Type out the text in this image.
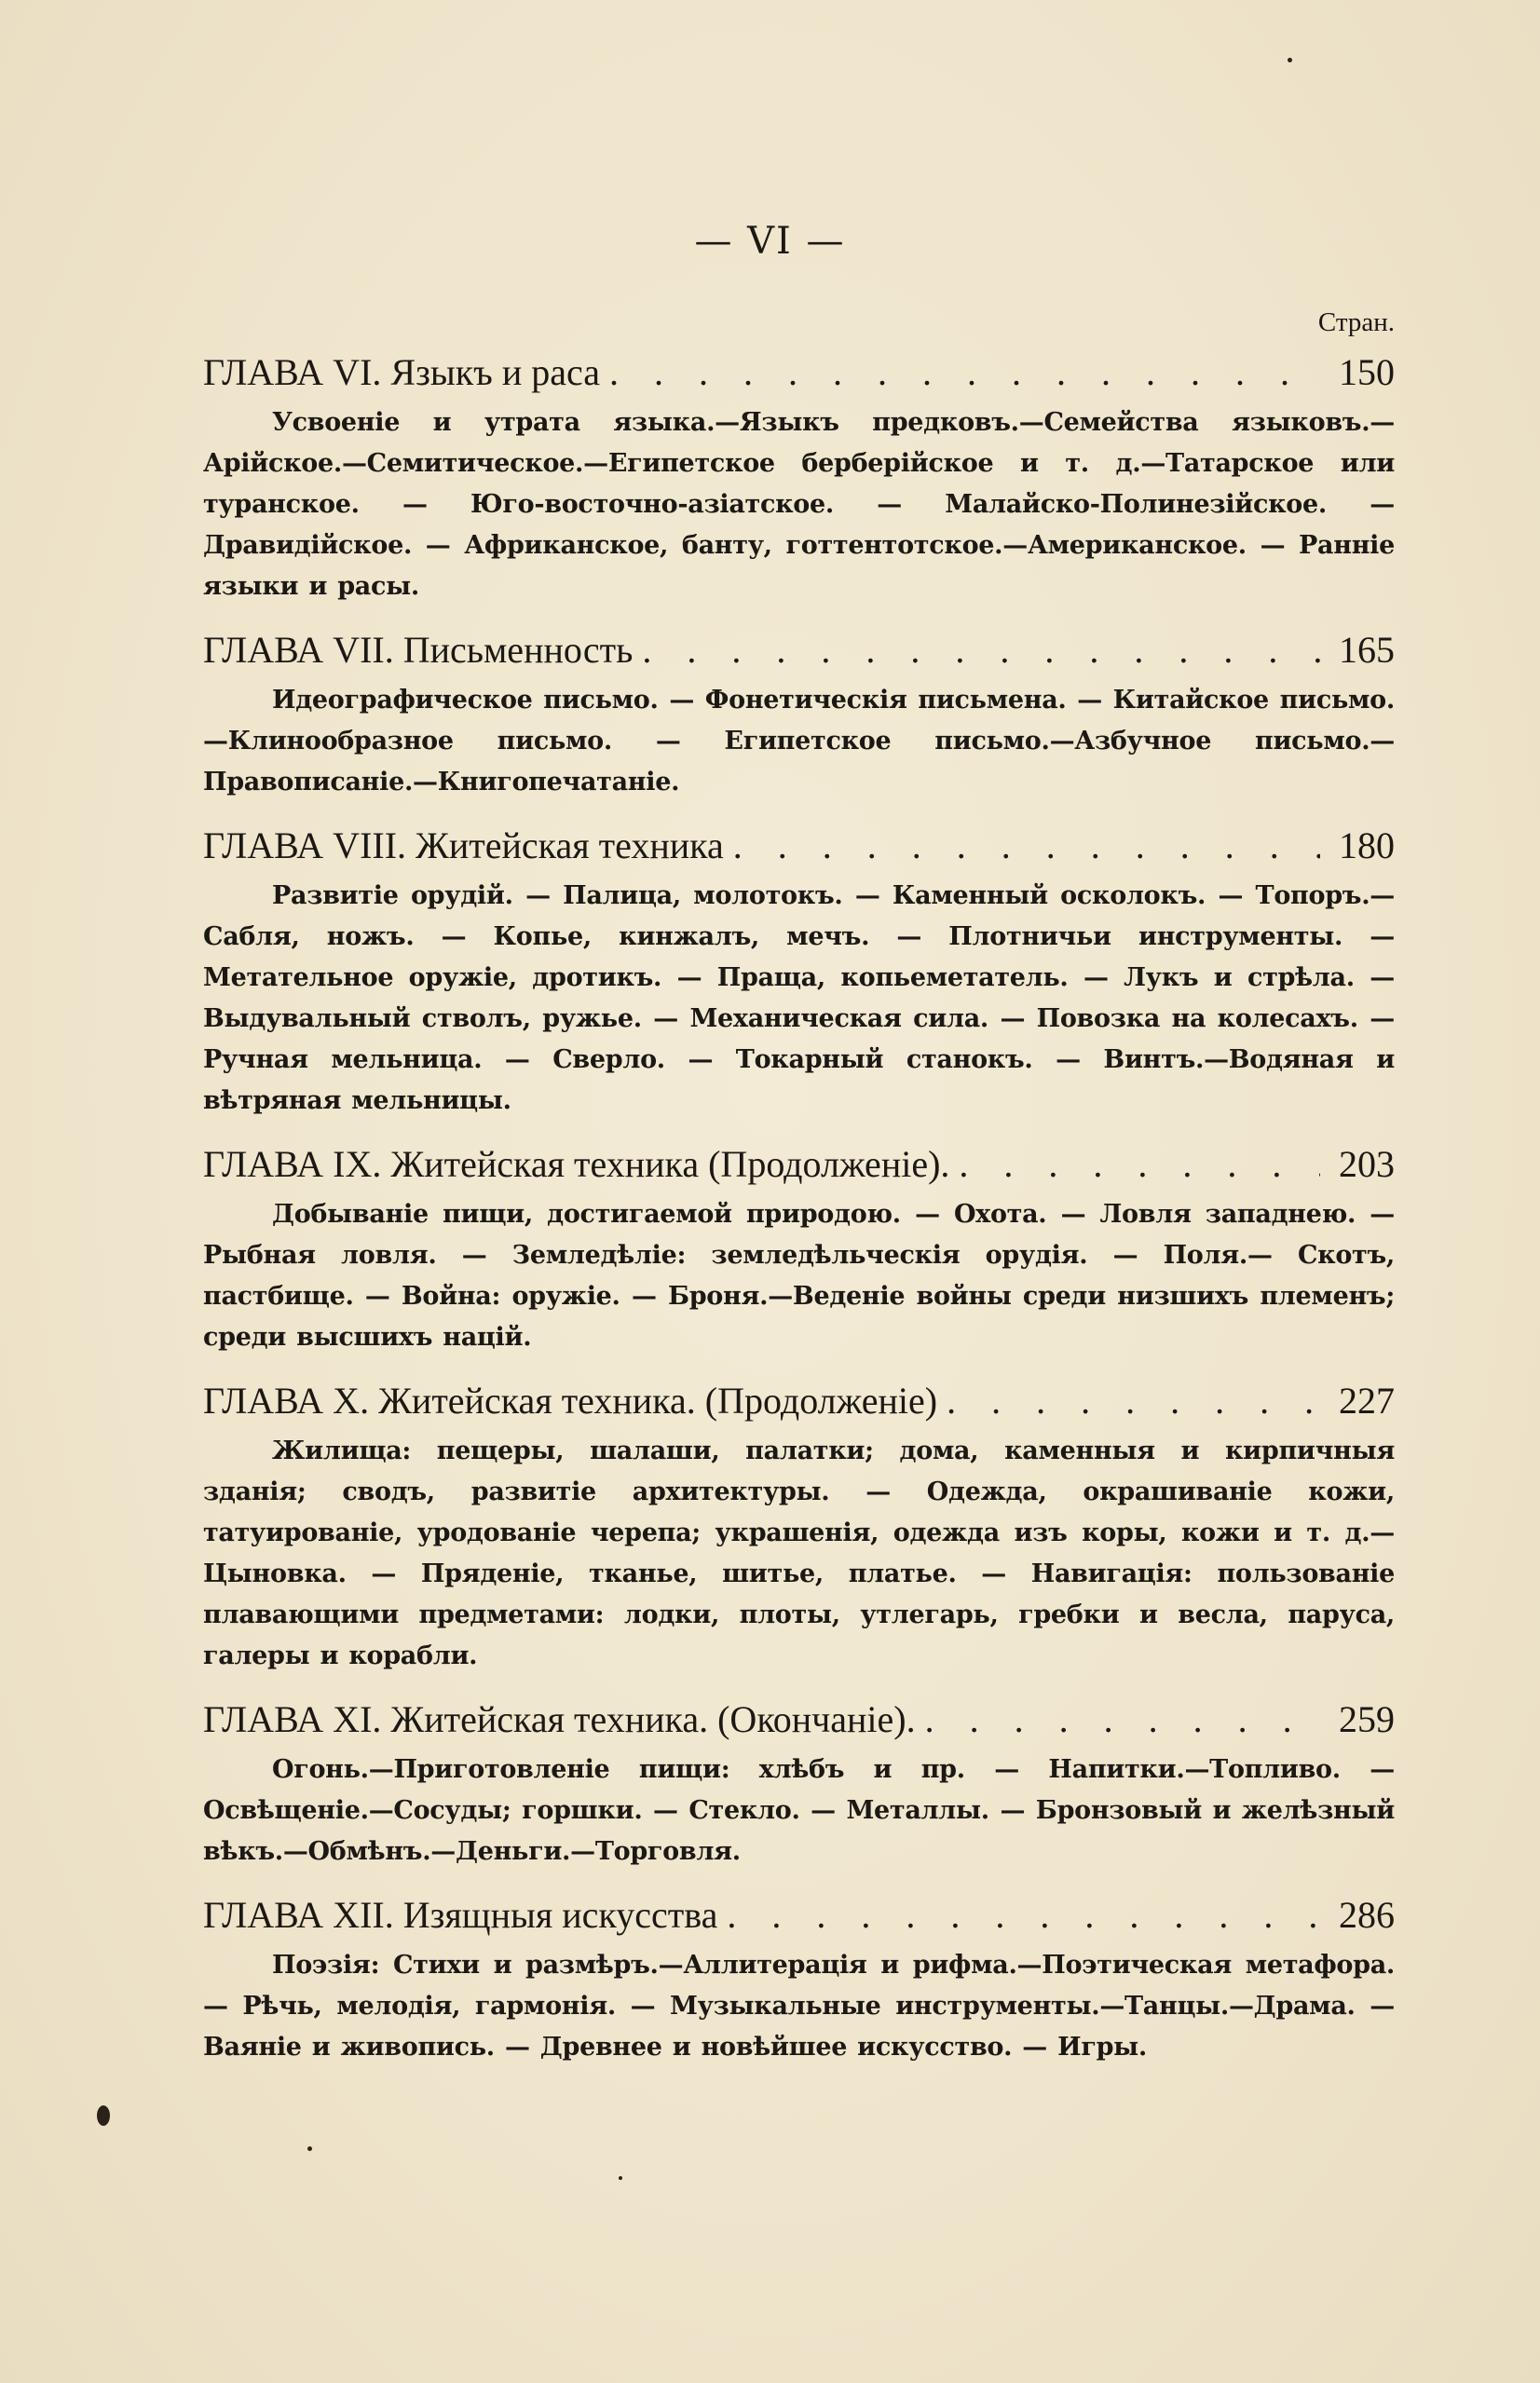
— VI —
Стран.
ГЛАВА VI. Языкъ и раса . . .	150
Усвоеніе и утрата языка.—Языкъ предковъ.—Семейства языковъ.—Арійское.—Семитическое.—Египетское берберійское и т. д.—Татарское или туранское. — Юго-восточно-азіатское. — Малайско-Полинезійское. — Дравидійское. — Африканское, банту, готтентотское.—Американское. — Ранніе языки и расы.
ГЛАВА VII. Письменность . . .	165
Идеографическое письмо. — Фонетическія письмена. — Китайское письмо.—Клинообразное письмо. — Египетское письмо.—Азбучное письмо.—Правописаніе.—Книгопечатаніе.
ГЛАВА VIII. Житейская техника . . .	180
Развитіе орудій. — Палица, молотокъ. — Каменный осколокъ. — Топоръ.—Сабля, ножъ. — Копье, кинжалъ, мечъ. — Плотничьи инструменты. — Метательное оружіе, дротикъ. — Праща, копьеметатель. — Лукъ и стрѣла. — Выдувальный стволъ, ружье. — Механическая сила. — Повозка на колесахъ. — Ручная мельница. — Сверло. — Токарный станокъ. — Винтъ.—Водяная и вѣтряная мельницы.
ГЛАВА IX. Житейская техника (Продолженіе). . . .	203
Добываніе пищи, достигаемой природою. — Охота. — Ловля западнею. — Рыбная ловля. — Земледѣліе: земледѣльческія орудія. — Поля.— Скотъ, пастбище. — Война: оружіе. — Броня.—Веденіе войны среди низшихъ племенъ; среди высшихъ націй.
ГЛАВА X. Житейская техника. (Продолженіе) . . .	227
Жилища: пещеры, шалаши, палатки; дома, каменныя и кирпичныя зданія; сводъ, развитіе архитектуры. — Одежда, окрашиваніе кожи, татуированіе, уродованіе черепа; украшенія, одежда изъ коры, кожи и т. д.—Цыновка. — Пряденіе, тканье, шитье, платье. — Навигація: пользованіе плавающими предметами: лодки, плоты, утлегарь, гребки и весла, паруса, галеры и корабли.
ГЛАВА XI. Житейская техника. (Окончаніе). . . .	259
Огонь.—Приготовленіе пищи: хлѣбъ и пр. — Напитки.—Топливо. — Освѣщеніе.—Сосуды; горшки. — Стекло. — Металлы. — Бронзовый и желѣзный вѣкъ.—Обмѣнъ.—Деньги.—Торговля.
ГЛАВА XII. Изящныя искусства . . .	286
Поэзія: Стихи и размѣръ.—Аллитерація и рифма.—Поэтическая метафора. — Рѣчь, мелодія, гармонія. — Музыкальные инструменты.—Танцы.—Драма. — Ваяніе и живопись. — Древнее и новѣйшее искусство. — Игры.
